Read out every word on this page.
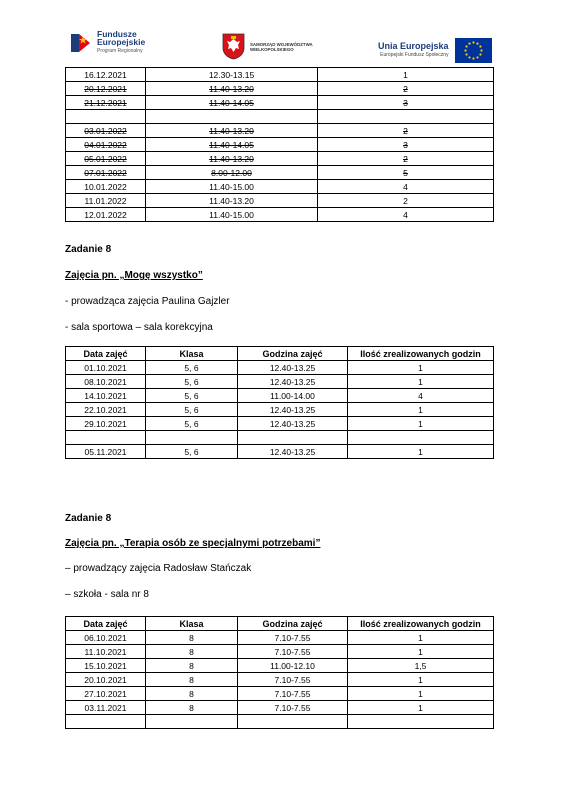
Fundusze
Europejskie
Program Regionalny
SAMORZĄD WOJEWÓDZTWA
WIELKOPOLSKIEGO	Unia Europejska
Europejski Fundusz Społeczny
16.12.2021	12.30-13.15	1
20.12.2021	11.40-13.20	2
21.12.2021	11.40-14.05	3

03.01.2022	11.40-13.20	2
04.01.2022	11.40-14.05	3
05.01.2022	11.40-13.20	2
07.01.2022	8.00-12.00	5
10.01.2022	11.40-15.00	4
11.01.2022	11.40-13.20	2
12.01.2022	11.40-15.00	4
Zadanie 8
Zajęcia pn. „Mogę wszystko”
- prowadząca zajęcia Paulina Gajzler
- sala sportowa – sala korekcyjna
Data zajęć	Klasa	Godzina zajęć	Ilość zrealizowanych godzin
01.10.2021	5, 6	12.40-13.25	1
08.10.2021	5, 6	12.40-13.25	1
14.10.2021	5, 6	11.00-14.00	4
22.10.2021	5, 6	12.40-13.25	1
29.10.2021	5, 6	12.40-13.25	1

05.11.2021	5, 6	12.40-13.25	1
Zadanie 8
Zajęcia pn. „Terapia osób ze specjalnymi potrzebami”
– prowadzący zajęcia Radosław Stańczak
– szkoła - sala nr 8
Data zajęć	Klasa	Godzina zajęć	Ilość zrealizowanych godzin
06.10.2021	8	7.10-7.55	1
11.10.2021	8	7.10-7.55	1
15.10.2021	8	11.00-12.10	1,5
20.10.2021	8	7.10-7.55	1
27.10.2021	8	7.10-7.55	1
03.11.2021	8	7.10-7.55	1
